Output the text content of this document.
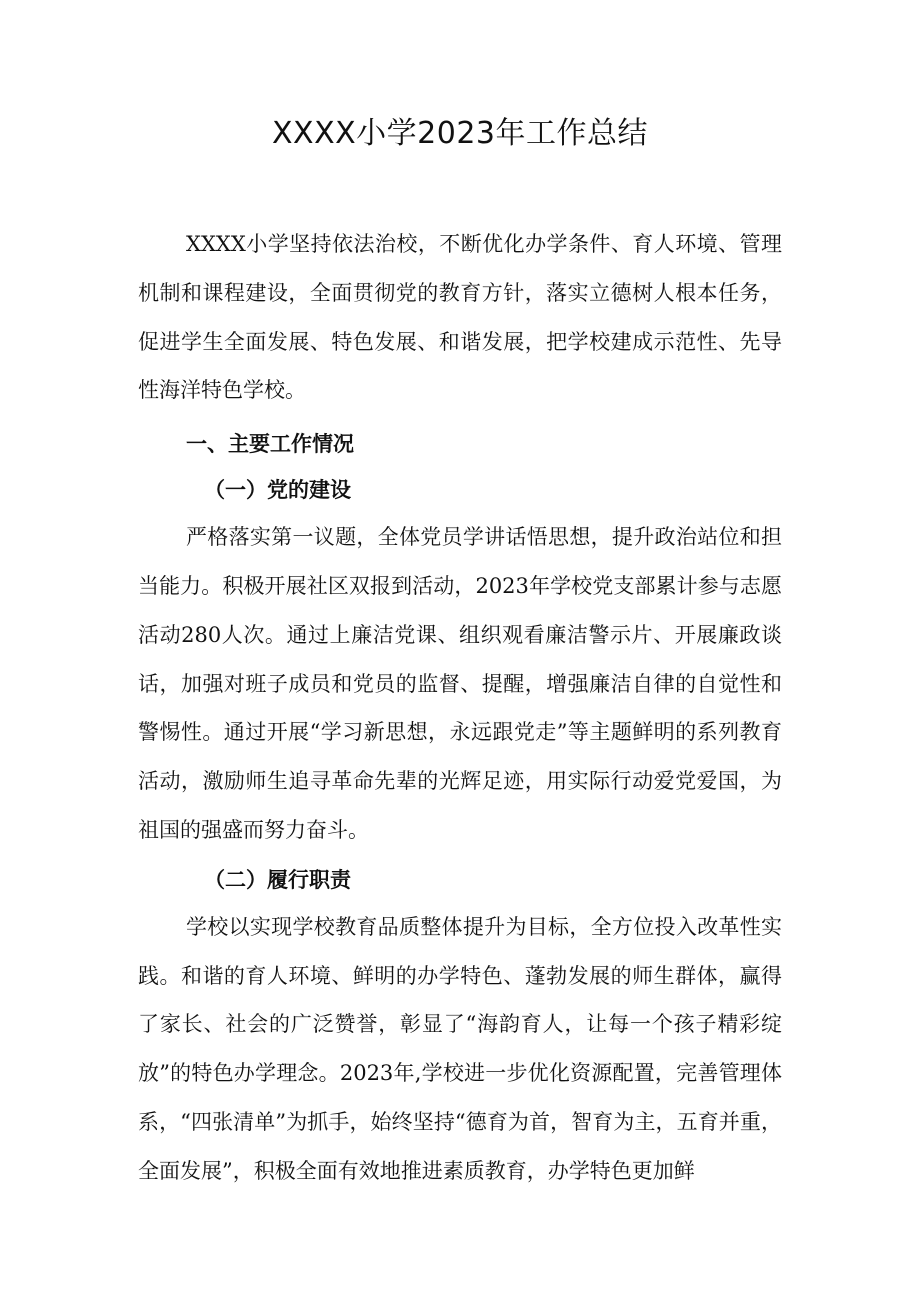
XXXX小学2023年工作总结

XXXX小学坚持依法治校，不断优化办学条件、育人环境、管理机制和课程建设，全面贯彻党的教育方针，落实立德树人根本任务，促进学生全面发展、特色发展、和谐发展，把学校建成示范性、先导性海洋特色学校。

一、主要工作情况
（一）党的建设

严格落实第一议题，全体党员学讲话悟思想，提升政治站位和担当能力。积极开展社区双报到活动，2023年学校党支部累计参与志愿活动280人次。通过上廉洁党课、组织观看廉洁警示片、开展廉政谈话，加强对班子成员和党员的监督、提醒，增强廉洁自律的自觉性和警惕性。通过开展“学习新思想，永远跟党走”等主题鲜明的系列教育活动，激励师生追寻革命先辈的光辉足迹，用实际行动爱党爱国，为祖国的强盛而努力奋斗。

（二）履行职责

学校以实现学校教育品质整体提升为目标，全方位投入改革性实践。和谐的育人环境、鲜明的办学特色、蓬勃发展的师生群体，赢得了家长、社会的广泛赞誉，彰显了“海韵育人，让每一个孩子精彩绽放”的特色办学理念。2023年,学校进一步优化资源配置，完善管理体系，“四张清单”为抓手，始终坚持“德育为首，智育为主，五育并重，全面发展”，积极全面有效地推进素质教育，办学特色更加鲜
